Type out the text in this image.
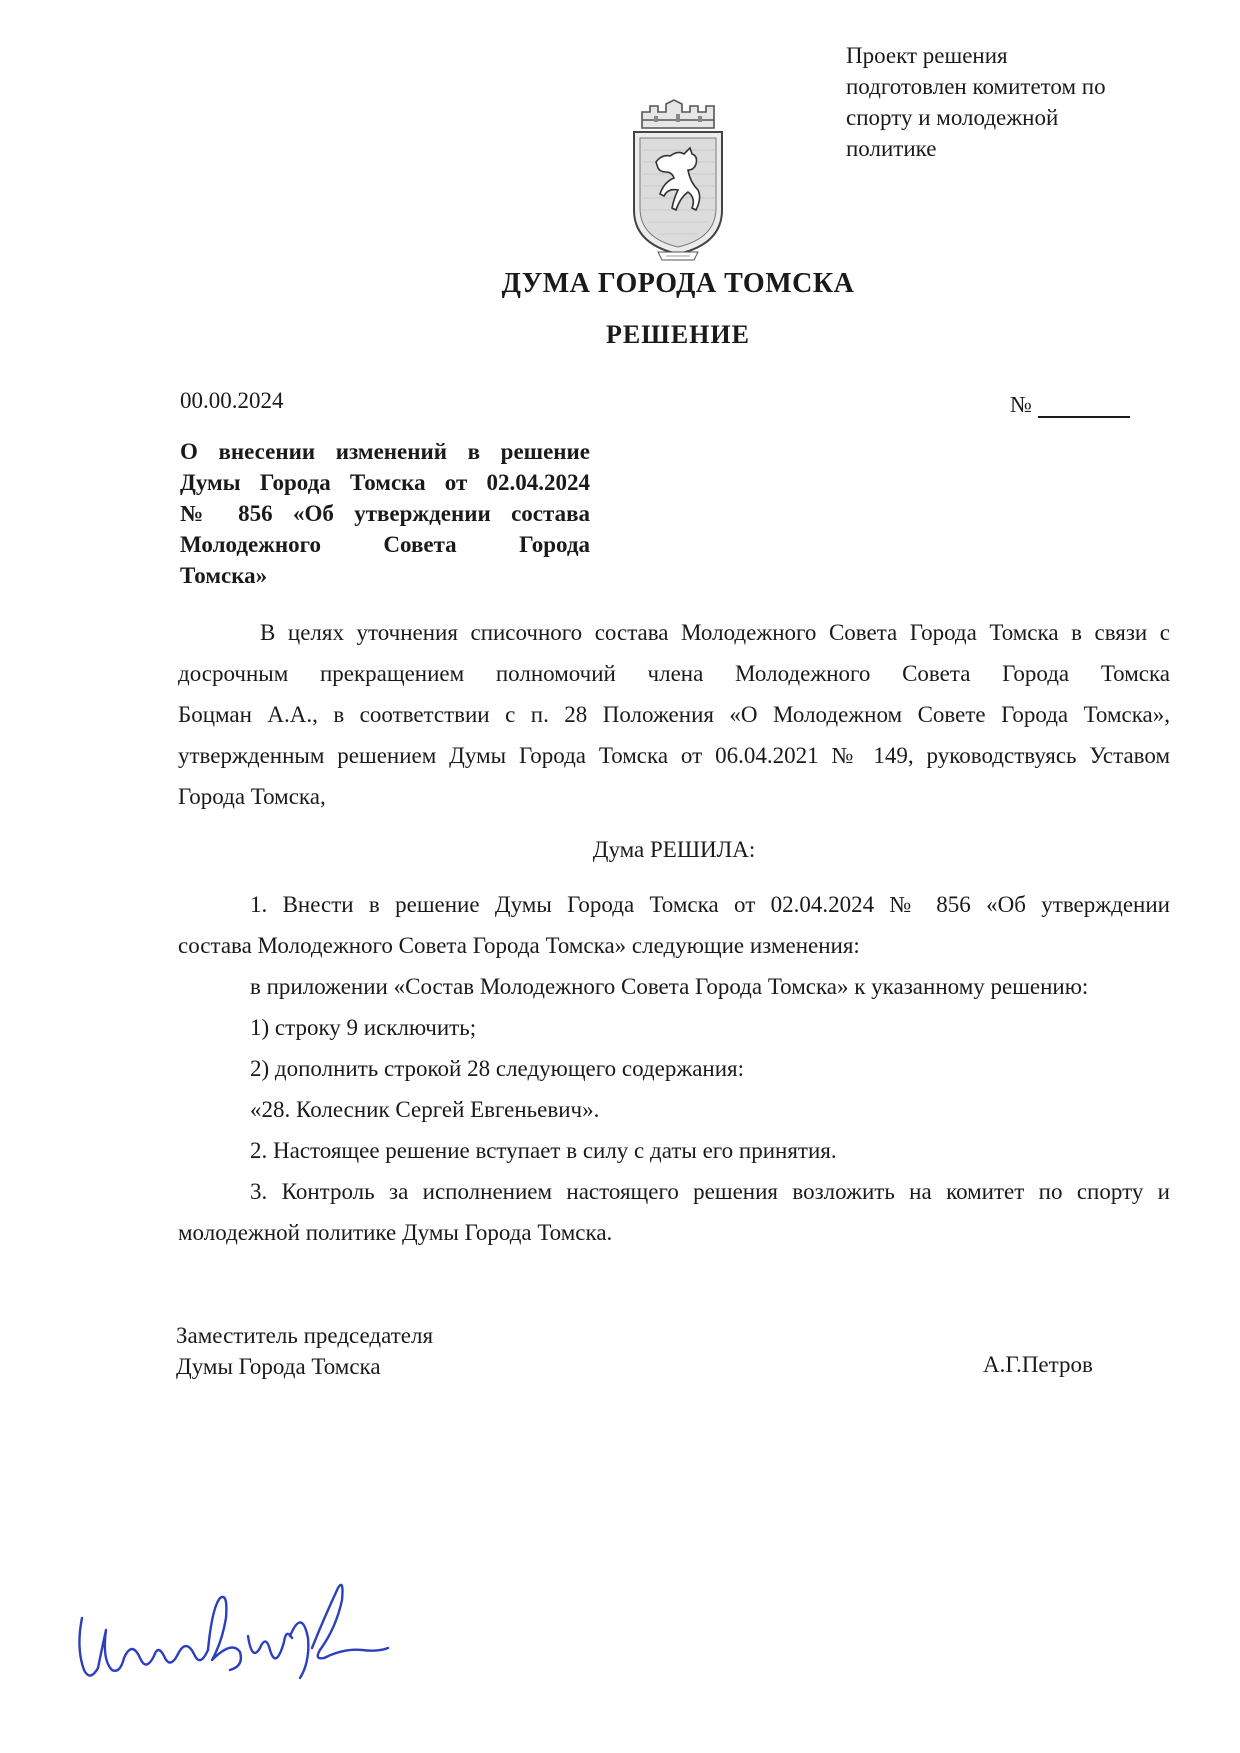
Проект решения
подготовлен комитетом по
спорту и молодежной
политике
ДУМА ГОРОДА ТОМСКА
РЕШЕНИЕ
00.00.2024	№
О внесении изменений в решение
Думы Города Томска от 02.04.2024
№ 856 «Об утверждении состава
Молодежного Совета Города
Томска»
В целях уточнения списочного состава Молодежного Совета Города Томска в связи с
досрочным прекращением полномочий члена Молодежного Совета Города Томска
Боцман А.А., в соответствии с п. 28 Положения «О Молодежном Совете Города Томска»,
утвержденным решением Думы Города Томска от 06.04.2021 № 149, руководствуясь Уставом
Города Томска,
Дума РЕШИЛА:
1. Внести в решение Думы Города Томска от 02.04.2024 № 856 «Об утверждении
состава Молодежного Совета Города Томска» следующие изменения:
в приложении «Состав Молодежного Совета Города Томска» к указанному решению:
1) строку 9 исключить;
2) дополнить строкой 28 следующего содержания:
«28. Колесник Сергей Евгеньевич».
2. Настоящее решение вступает в силу с даты его принятия.
3. Контроль за исполнением настоящего решения возложить на комитет по спорту и
молодежной политике Думы Города Томска.
Заместитель председателя
Думы Города Томска	А.Г.Петров
